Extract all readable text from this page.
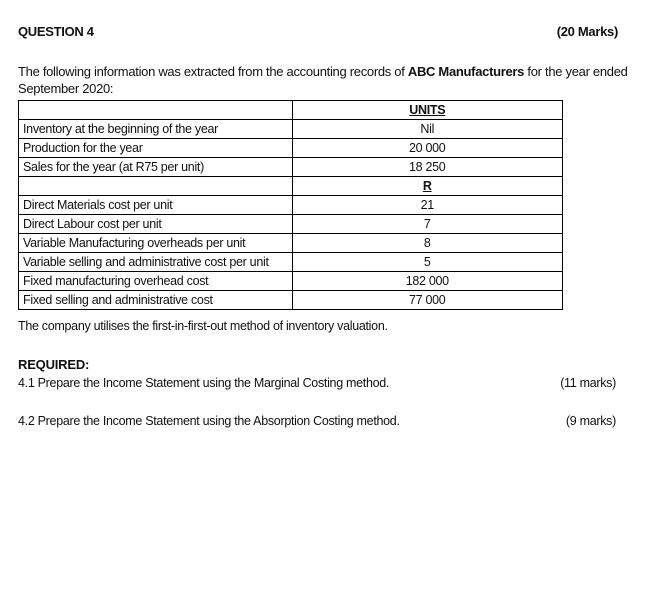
QUESTION 4	(20 Marks)
The following information was extracted from the accounting records of ABC Manufacturers for the year ended September 2020:
	UNITS
Inventory at the beginning of the year	Nil
Production for the year	20 000
Sales for the year (at R75 per unit)	18 250
	R
Direct Materials cost per unit	21
Direct Labour cost per unit	7
Variable Manufacturing overheads per unit	8
Variable selling and administrative cost per unit	5
Fixed manufacturing overhead cost	182 000
Fixed selling and administrative cost	77 000
The company utilises the first-in-first-out method of inventory valuation.
REQUIRED:
4.1 Prepare the Income Statement using the Marginal Costing method.	(11 marks)
4.2 Prepare the Income Statement using the Absorption Costing method.	(9 marks)
